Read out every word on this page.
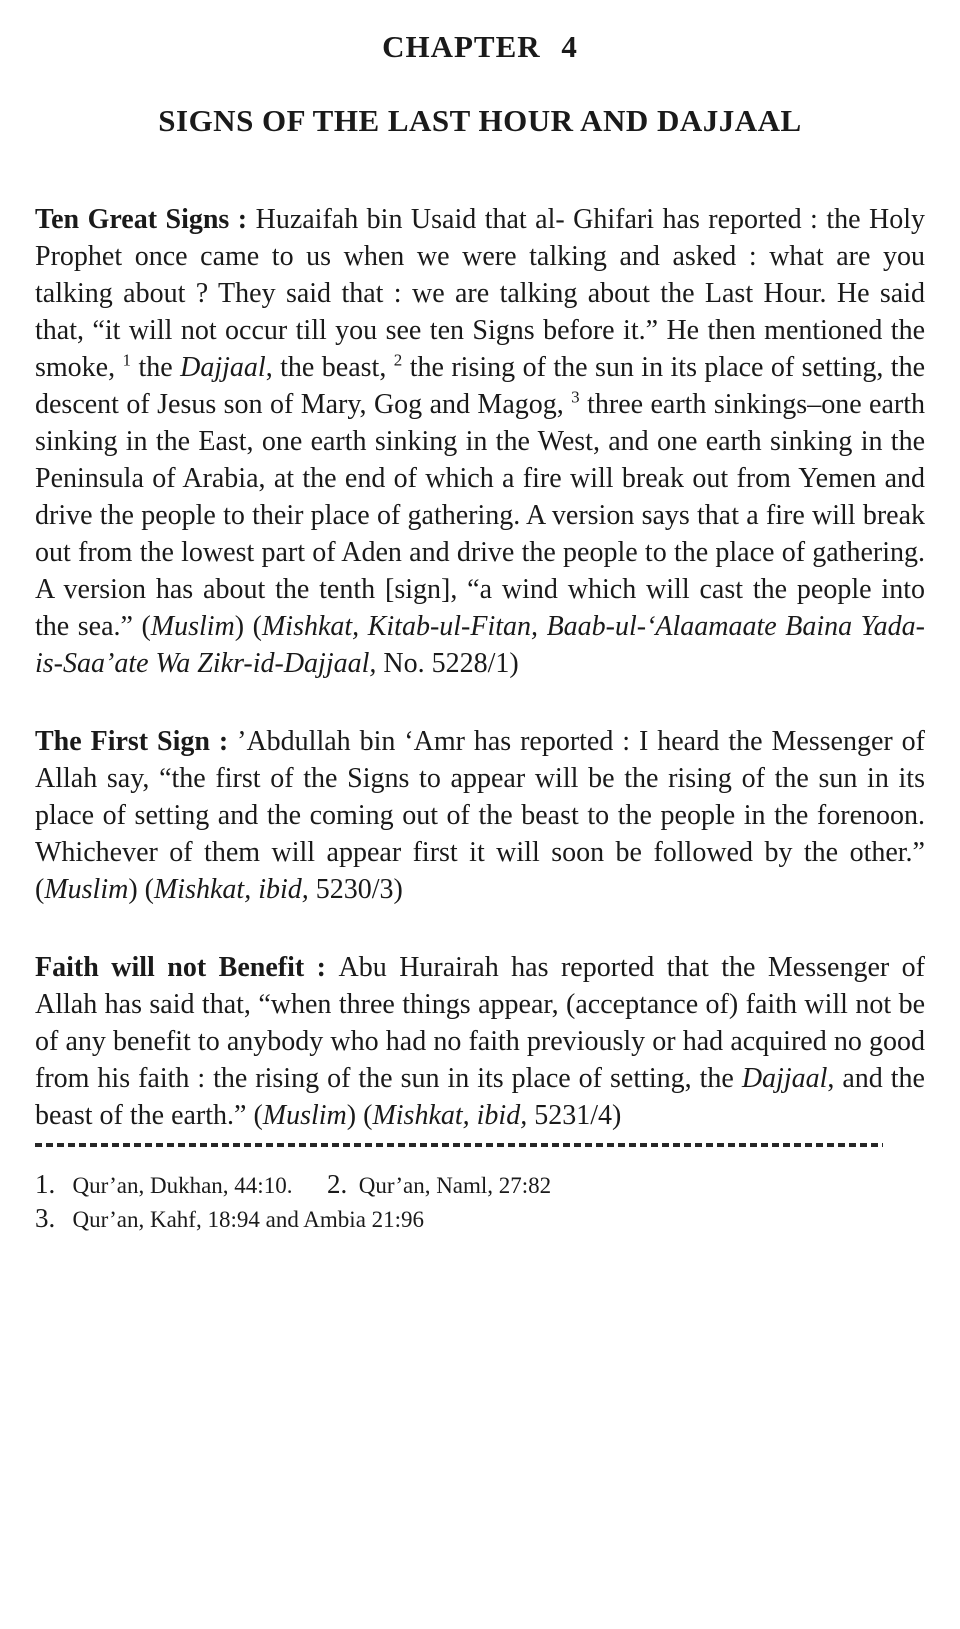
CHAPTER 4
SIGNS OF THE LAST HOUR AND DAJJAAL

Ten Great Signs : Huzaifah bin Usaid that al- Ghifari has reported : the Holy Prophet once came to us when we were talking and asked : what are you talking about ? They said that : we are talking about the Last Hour. He said that, “it will not occur till you see ten Signs before it.” He then mentioned the smoke, $^1$ the Dajjaal, the beast, $^2$ the rising of the sun in its place of setting, the descent of Jesus son of Mary, Gog and Magog, $^3$ three earth sinkings–one earth sinking in the East, one earth sinking in the West, and one earth sinking in the Peninsula of Arabia, at the end of which a fire will break out from Yemen and drive the people to their place of gathering. A version says that a fire will break out from the lowest part of Aden and drive the people to the place of gathering. A version has about the tenth [sign], “a wind which will cast the people into the sea.” (Muslim) (Mishkat, Kitab-ul-Fitan, Baab-ul-‘Alaamaate Baina Yada-is-Saa’ate Wa Zikr-id-Dajjaal, No. 5228/1)

The First Sign : ’Abdullah bin ‘Amr has reported : I heard the Messenger of Allah say, “the first of the Signs to appear will be the rising of the sun in its place of setting and the coming out of the beast to the people in the forenoon. Whichever of them will appear first it will soon be followed by the other.” (Muslim) (Mishkat, ibid, 5230/3)

Faith will not Benefit : Abu Hurairah has reported that the Messenger of Allah has said that, “when three things appear, (acceptance of) faith will not be of any benefit to anybody who had no faith previously or had acquired no good from his faith : the rising of the sun in its place of setting, the Dajjaal, and the beast of the earth.” (Muslim) (Mishkat, ibid, 5231/4)

1.   Qur’an, Dukhan, 44:10.      2.  Qur’an, Naml, 27:82
3.   Qur’an, Kahf, 18:94 and Ambia 21:96
